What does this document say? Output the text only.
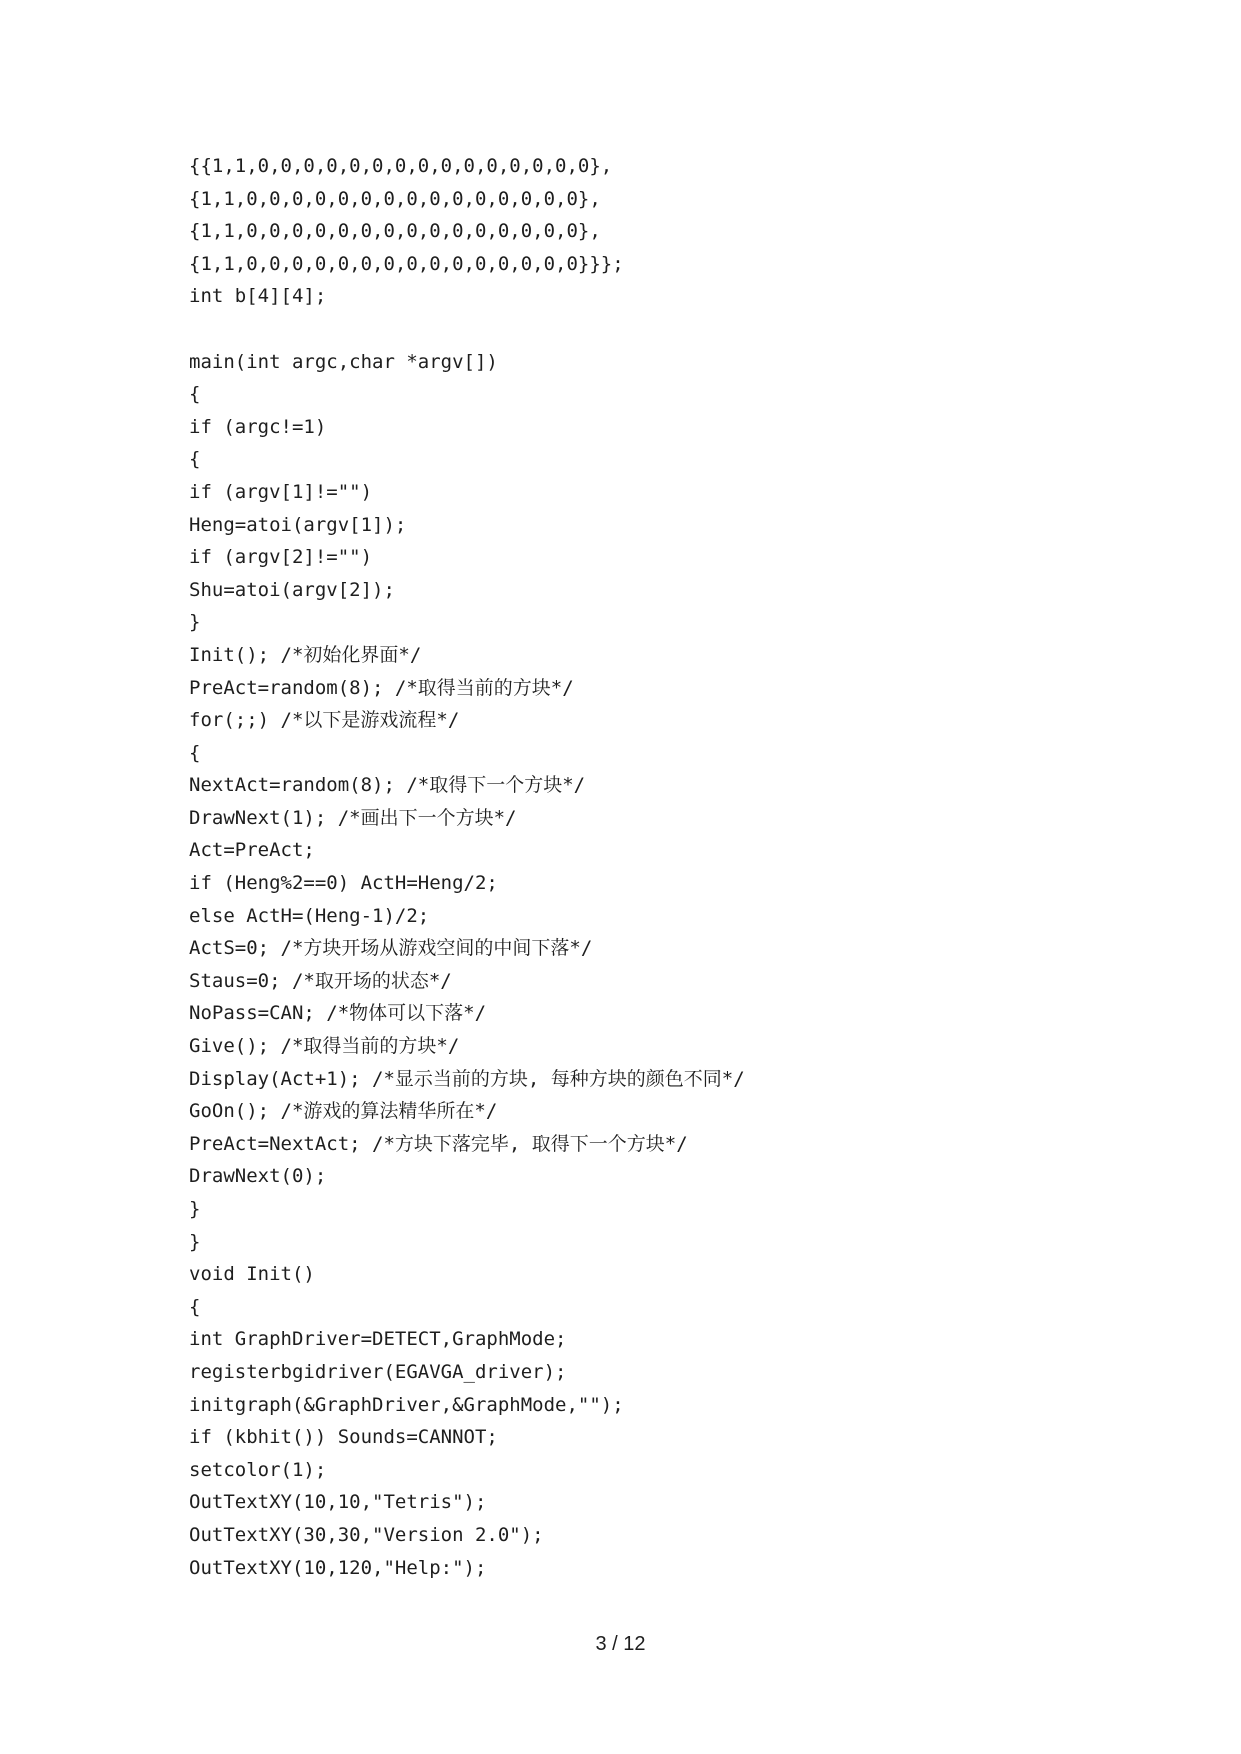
{{1,1,0,0,0,0,0,0,0,0,0,0,0,0,0,0,0},
{1,1,0,0,0,0,0,0,0,0,0,0,0,0,0,0,0},
{1,1,0,0,0,0,0,0,0,0,0,0,0,0,0,0,0},
{1,1,0,0,0,0,0,0,0,0,0,0,0,0,0,0,0}}};
int b[4][4];
main(int argc,char *argv[])
{
if (argc!=1)
{
if (argv[1]!="")
Heng=atoi(argv[1]);
if (argv[2]!="")
Shu=atoi(argv[2]);
}
Init(); /*初始化界面*/
PreAct=random(8); /*取得当前的方块*/
for(;;) /*以下是游戏流程*/
{
NextAct=random(8); /*取得下一个方块*/
DrawNext(1); /*画出下一个方块*/
Act=PreAct;
if (Heng%2==0) ActH=Heng/2;
else ActH=(Heng-1)/2;
ActS=0; /*方块开场从游戏空间的中间下落*/
Staus=0; /*取开场的状态*/
NoPass=CAN; /*物体可以下落*/
Give(); /*取得当前的方块*/
Display(Act+1); /*显示当前的方块, 每种方块的颜色不同*/
GoOn(); /*游戏的算法精华所在*/
PreAct=NextAct; /*方块下落完毕, 取得下一个方块*/
DrawNext(0);
}
}
void Init()
{
int GraphDriver=DETECT,GraphMode;
registerbgidriver(EGAVGA_driver);
initgraph(&GraphDriver,&GraphMode,"");
if (kbhit()) Sounds=CANNOT;
setcolor(1);
OutTextXY(10,10,"Tetris");
OutTextXY(30,30,"Version 2.0");
OutTextXY(10,120,"Help:");
3 / 12
